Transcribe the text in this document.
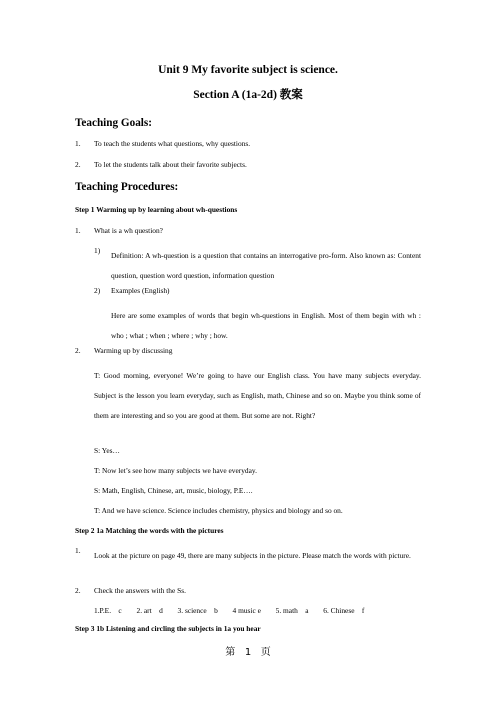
Unit 9 My favorite subject is science.
Section A (1a-2d) 教案
Teaching Goals:
1. To teach the students what questions, why questions.
2. To let the students talk about their favorite subjects.
Teaching Procedures:
Step 1 Warming up by learning about wh-questions
1. What is a wh question?
1)
Definition: A wh-question is a question that contains an interrogative pro-form. Also known as: Content question, question word question, information question
2) Examples (English)
Here are some examples of words that begin wh-questions in English. Most of them begin with wh : who ; what ; when ; where ; why ; how.
2. Warming up by discussing
T: Good morning, everyone! We’re going to have our English class. You have many subjects everyday. Subject is the lesson you learn everyday, such as English, math, Chinese and so on. Maybe you think some of them are interesting and so you are good at them. But some are not. Right?
S: Yes…
T: Now let’s see how many subjects we have everyday.
S: Math, English, Chinese, art, music, biology, P.E….
T: And we have science. Science includes chemistry, physics and biology and so on.
Step 2 1a Matching the words with the pictures
1.
Look at the picture on page 49, there are many subjects in the picture. Please match the words with picture.
2. Check the answers with the Ss.
1.P.E.    c        2. art    d        3. science    b        4 music e        5. math    a        6. Chinese    f
Step 3 1b Listening and circling the subjects in 1a you hear
第   1   页
